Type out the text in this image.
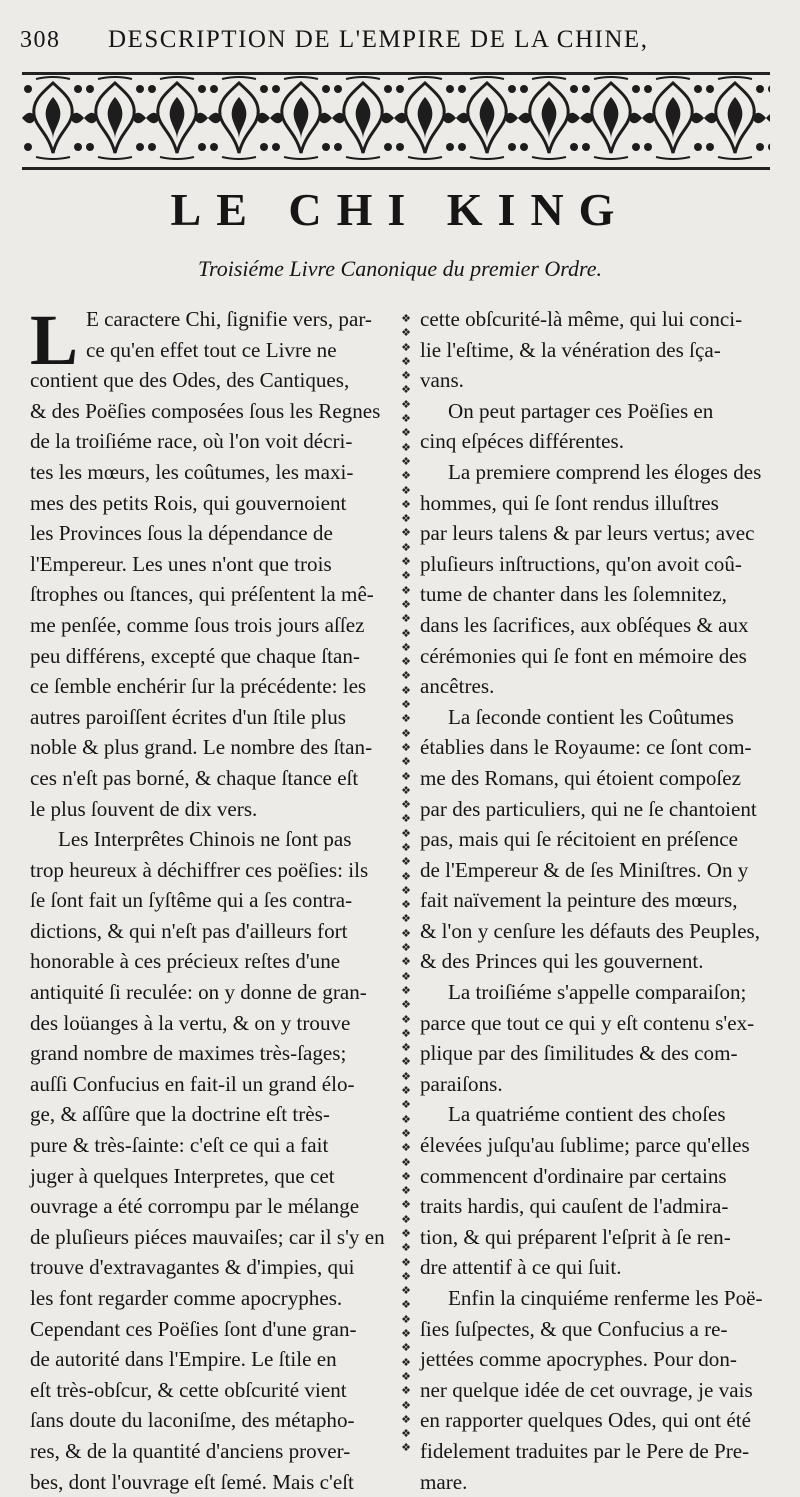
308 DESCRIPTION DE L'EMPIRE DE LA CHINE,
LE CHI KING
Troisiéme Livre Canonique du premier Ordre.
L E caractere Chi, ſignifie vers, par-
ce qu'en effet tout ce Livre ne
contient que des Odes, des Cantiques,
& des Poëſies composées ſous les Regnes
de la troiſiéme race, où l'on voit décri-
tes les mœurs, les coûtumes, les maxi-
mes des petits Rois, qui gouvernoient
les Provinces ſous la dépendance de
l'Empereur. Les unes n'ont que trois
ſtrophes ou ſtances, qui préſentent la mê-
me penſée, comme ſous trois jours aſſez
peu différens, excepté que chaque ſtan-
ce ſemble enchérir ſur la précédente: les
autres paroiſſent écrites d'un ſtile plus
noble & plus grand. Le nombre des ſtan-
ces n'eſt pas borné, & chaque ſtance eſt
le plus ſouvent de dix vers.
Les Interprêtes Chinois ne ſont pas
trop heureux à déchiffrer ces poëſies: ils
ſe ſont fait un ſyſtême qui a ſes contra-
dictions, & qui n'eſt pas d'ailleurs fort
honorable à ces précieux reſtes d'une
antiquité ſi reculée: on y donne de gran-
des loüanges à la vertu, & on y trouve
grand nombre de maximes très-ſages;
auſſi Confucius en fait-il un grand élo-
ge, & aſſûre que la doctrine eſt très-
pure & très-ſainte: c'eſt ce qui a fait
juger à quelques Interpretes, que cet
ouvrage a été corrompu par le mélange
de pluſieurs piéces mauvaiſes; car il s'y en
trouve d'extravagantes & d'impies, qui
les font regarder comme apocryphes.
Cependant ces Poëſies ſont d'une gran-
de autorité dans l'Empire. Le ſtile en
eſt très-obſcur, & cette obſcurité vient
ſans doute du laconiſme, des métapho-
res, & de la quantité d'anciens prover-
bes, dont l'ouvrage eſt ſemé. Mais c'eſt
❖
❖
❖
❖
❖
❖
❖
❖
❖
❖
❖
❖
❖
❖
❖
❖
❖
❖
❖
❖
❖
❖
❖
❖
❖
❖
❖
❖
❖
❖
❖
❖
❖
❖
❖
❖
❖
❖
❖
❖
❖
❖
❖
❖
❖
❖
❖
❖
❖
❖
❖
❖
❖
❖
❖
❖
❖
❖
❖
❖
❖
❖
❖
❖
❖
❖
❖
❖
❖
❖
❖
❖
❖
❖
❖
❖
❖
❖
❖
❖

cette obſcurité-là même, qui lui conci-
lie l'eſtime, & la vénération des ſça-
vans.
On peut partager ces Poëſies en
cinq eſpéces différentes.
La premiere comprend les éloges des
hommes, qui ſe ſont rendus illuſtres
par leurs talens & par leurs vertus; avec
pluſieurs inſtructions, qu'on avoit coû-
tume de chanter dans les ſolemnitez,
dans les ſacrifices, aux obſéques & aux
cérémonies qui ſe font en mémoire des
ancêtres.
La ſeconde contient les Coûtumes
établies dans le Royaume: ce ſont com-
me des Romans, qui étoient compoſez
par des particuliers, qui ne ſe chantoient
pas, mais qui ſe récitoient en préſence
de l'Empereur & de ſes Miniſtres. On y
fait naïvement la peinture des mœurs,
& l'on y cenſure les défauts des Peuples,
& des Princes qui les gouvernent.
La troiſiéme s'appelle comparaiſon;
parce que tout ce qui y eſt contenu s'ex-
plique par des ſimilitudes & des com-
paraiſons.
La quatriéme contient des choſes
élevées juſqu'au ſublime; parce qu'elles
commencent d'ordinaire par certains
traits hardis, qui cauſent de l'admira-
tion, & qui préparent l'eſprit à ſe ren-
dre attentif à ce qui ſuit.
Enfin la cinquiéme renferme les Poë-
ſies ſuſpectes, & que Confucius a re-
jettées comme apocryphes. Pour don-
ner quelque idée de cet ouvrage, je vais
en rapporter quelques Odes, qui ont été
fidelement traduites par le Pere de Pre-
mare.
